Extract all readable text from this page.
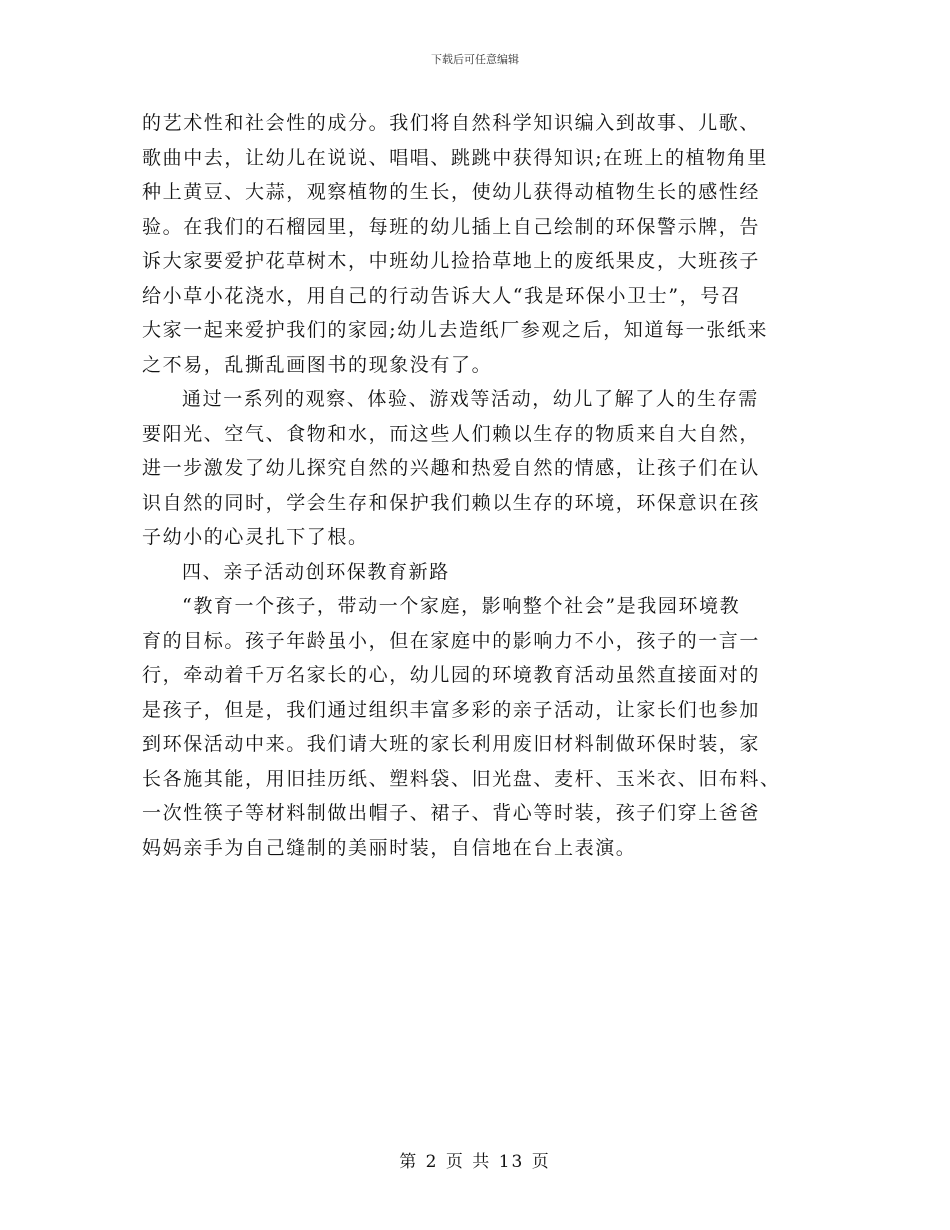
下载后可任意编辑

的艺术性和社会性的成分。我们将自然科学知识编入到故事、儿歌、
歌曲中去，让幼儿在说说、唱唱、跳跳中获得知识;在班上的植物角里
种上黄豆、大蒜，观察植物的生长，使幼儿获得动植物生长的感性经
验。在我们的石榴园里，每班的幼儿插上自己绘制的环保警示牌，告
诉大家要爱护花草树木，中班幼儿捡拾草地上的废纸果皮，大班孩子
给小草小花浇水，用自己的行动告诉大人“我是环保小卫士”，号召
大家一起来爱护我们的家园;幼儿去造纸厂参观之后，知道每一张纸来
之不易，乱撕乱画图书的现象没有了。

通过一系列的观察、体验、游戏等活动，幼儿了解了人的生存需
要阳光、空气、食物和水，而这些人们赖以生存的物质来自大自然，
进一步激发了幼儿探究自然的兴趣和热爱自然的情感，让孩子们在认
识自然的同时，学会生存和保护我们赖以生存的环境，环保意识在孩
子幼小的心灵扎下了根。

四、亲子活动创环保教育新路

“教育一个孩子，带动一个家庭，影响整个社会”是我园环境教
育的目标。孩子年龄虽小，但在家庭中的影响力不小，孩子的一言一
行，牵动着千万名家长的心，幼儿园的环境教育活动虽然直接面对的
是孩子，但是，我们通过组织丰富多彩的亲子活动，让家长们也参加
到环保活动中来。我们请大班的家长利用废旧材料制做环保时装，家
长各施其能，用旧挂历纸、塑料袋、旧光盘、麦杆、玉米衣、旧布料、
一次性筷子等材料制做出帽子、裙子、背心等时装，孩子们穿上爸爸
妈妈亲手为自己缝制的美丽时装，自信地在台上表演。

第 2 页 共 13 页
